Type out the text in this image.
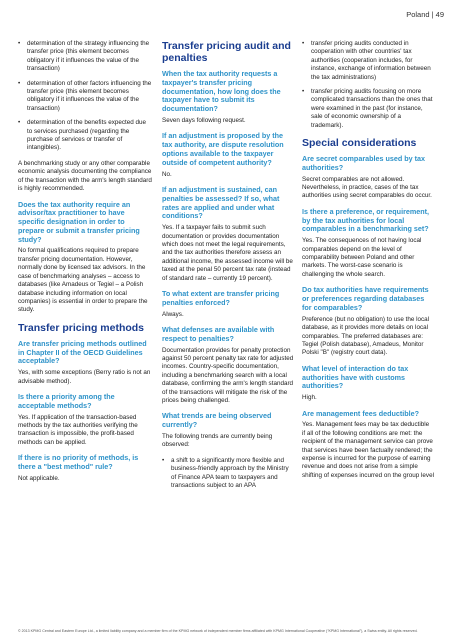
Poland | 49
• determination of the strategy influencing the transfer price (this element becomes obligatory if it influences the value of the transaction)
• determination of other factors influencing the transfer price (this element becomes obligatory if it influences the value of the transaction)
• determination of the benefits expected due to services purchased (regarding the purchase of services or transfer of intangibles).

A benchmarking study or any other comparable economic analysis documenting the compliance of the transaction with the arm's length standard is highly recommended.

Does the tax authority require an advisor/tax practitioner to have specific designation in order to prepare or submit a transfer pricing study?

No formal qualifications required to prepare transfer pricing documentation. However, normally done by licensed tax advisors. In the case of benchmarking analyses – access to databases (like Amadeus or Tegiel – a Polish database including information on local companies) is essential in order to prepare the study.

Transfer pricing methods
Are transfer pricing methods outlined in Chapter II of the OECD Guidelines acceptable?

Yes, with some exceptions (Berry ratio is not an advisable method).

Is there a priority among the acceptable methods?

Yes. If application of the transaction-based methods by the tax authorities verifying the transaction is impossible, the profit-based methods can be applied.

If there is no priority of methods, is there a "best method" rule?

Not applicable.

Transfer pricing audit and penalties
When the tax authority requests a taxpayer's transfer pricing documentation, how long does the taxpayer have to submit its documentation?

Seven days following request.

If an adjustment is proposed by the tax authority, are dispute resolution options available to the taxpayer outside of competent authority?

No.

If an adjustment is sustained, can penalties be assessed? If so, what rates are applied and under what conditions?

Yes. If a taxpayer fails to submit such documentation or provides documentation which does not meet the legal requirements, and the tax authorities therefore assess an additional income, the assessed income will be taxed at the penal 50 percent tax rate (instead of standard rate – currently 19 percent).

To what extent are transfer pricing penalties enforced?

Always.

What defenses are available with respect to penalties?

Documentation provides for penalty protection against 50 percent penalty tax rate for adjusted incomes. Country-specific documentation, including a benchmarking search with a local database, confirming the arm's length standard of the transactions will mitigate the risk of the prices being challenged.

What trends are being observed currently?

The following trends are currently being observed:

• a shift to a significantly more flexible and business-friendly approach by the Ministry of Finance APA team to taxpayers and transactions subject to an APA
• transfer pricing audits conducted in cooperation with other countries' tax authorities (cooperation includes, for instance, exchange of information between the tax administrations)
• transfer pricing audits focusing on more complicated transactions than the ones that were examined in the past (for instance, sale of economic ownership of a trademark).
Special considerations
Are secret comparables used by tax authorities?

Secret comparables are not allowed. Nevertheless, in practice, cases of the tax authorities using secret comparables do occur.

Is there a preference, or requirement, by the tax authorities for local comparables in a benchmarking set?

Yes. The consequences of not having local comparables depend on the level of comparability between Poland and other markets. The worst-case scenario is challenging the whole search.

Do tax authorities have requirements or preferences regarding databases for comparables?

Preference (but no obligation) to use the local database, as it provides more details on local comparables. The preferred databases are: Tegiel (Polish database), Amadeus, Monitor Polski "B" (registry court data).

What level of interaction do tax authorities have with customs authorities?

High.

Are management fees deductible?

Yes. Management fees may be tax deductible if all of the following conditions are met: the recipient of the management service can prove that services have been factually rendered; the expense is incurred for the purpose of earning revenue and does not arise from a simple shifting of expenses incurred on the group level

© 2013 KPMG Central and Eastern Europe Ltd., a limited liability company and a member firm of the KPMG network of independent member firms affiliated with KPMG International Cooperative ("KPMG International"), a Swiss entity. All rights reserved.
